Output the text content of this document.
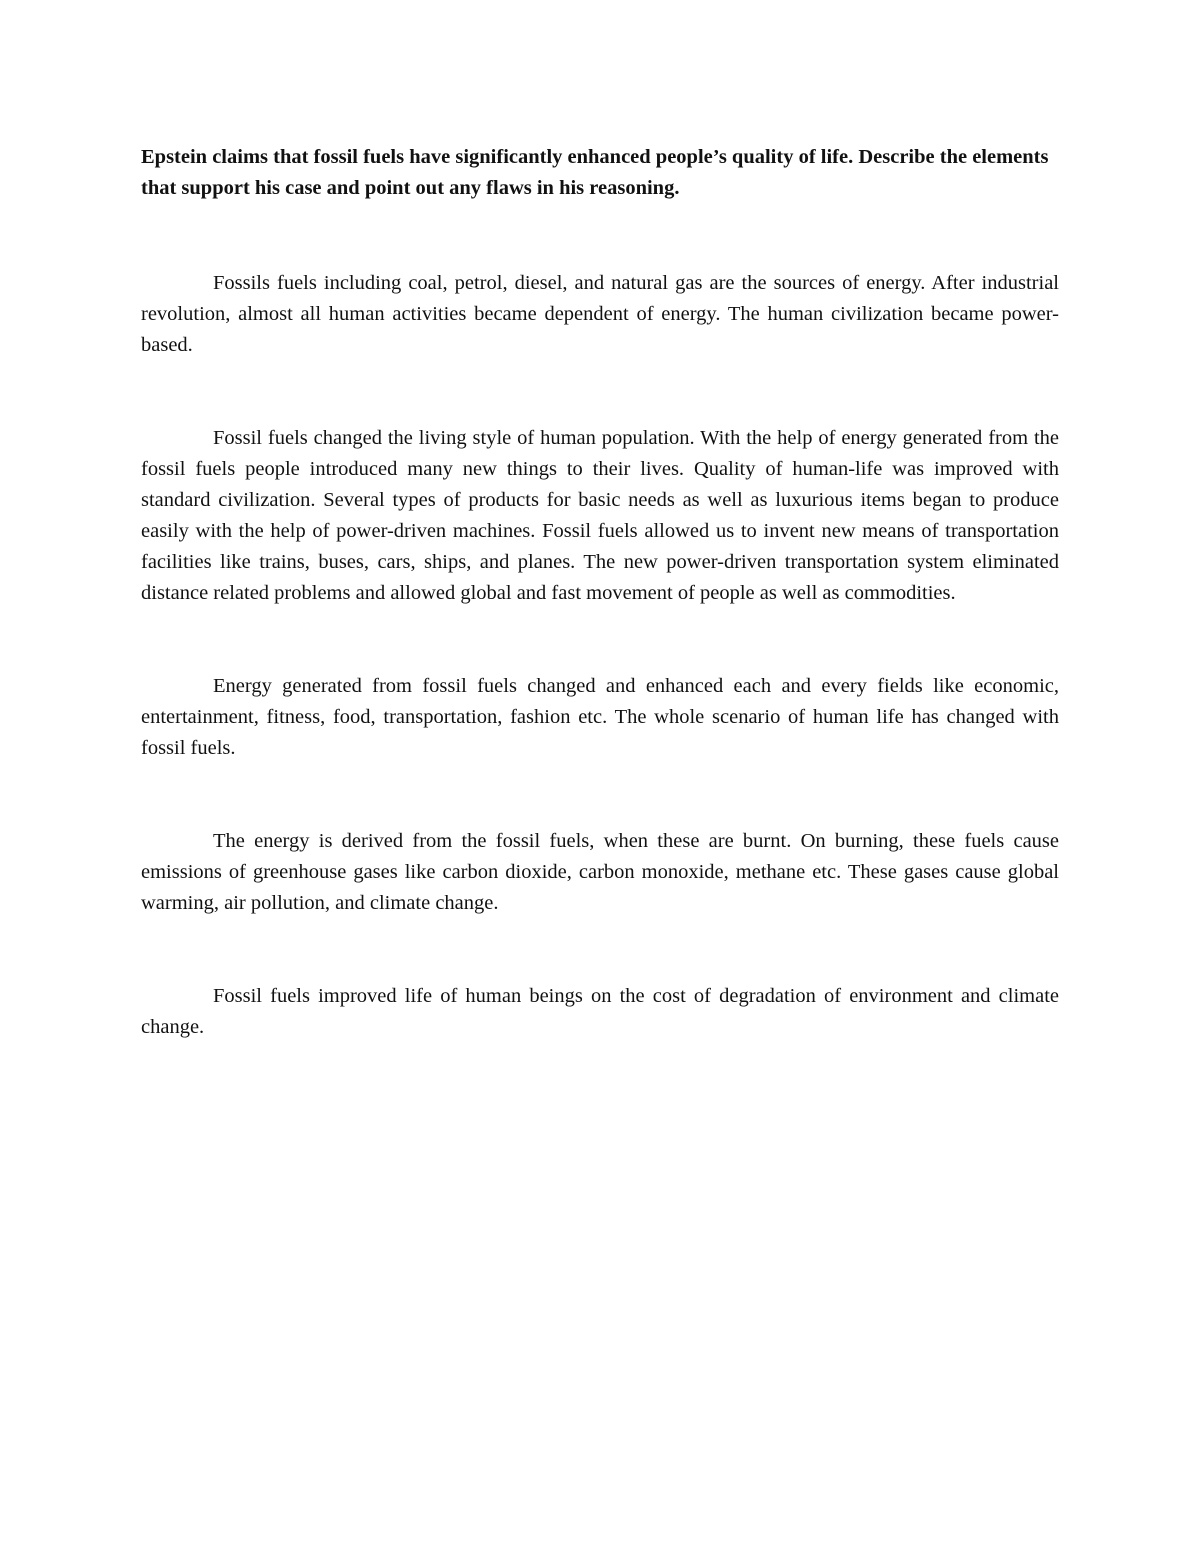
Epstein claims that fossil fuels have significantly enhanced people’s quality of life. Describe the elements that support his case and point out any flaws in his reasoning.

Fossils fuels including coal, petrol, diesel, and natural gas are the sources of energy. After industrial revolution, almost all human activities became dependent of energy. The human civilization became power-based.

Fossil fuels changed the living style of human population. With the help of energy generated from the fossil fuels people introduced many new things to their lives. Quality of human-life was improved with standard civilization. Several types of products for basic needs as well as luxurious items began to produce easily with the help of power-driven machines. Fossil fuels allowed us to invent new means of transportation facilities like trains, buses, cars, ships, and planes. The new power-driven transportation system eliminated distance related problems and allowed global and fast movement of people as well as commodities.

Energy generated from fossil fuels changed and enhanced each and every fields like economic, entertainment, fitness, food, transportation, fashion etc. The whole scenario of human life has changed with fossil fuels.

The energy is derived from the fossil fuels, when these are burnt. On burning, these fuels cause emissions of greenhouse gases like carbon dioxide, carbon monoxide, methane etc. These gases cause global warming, air pollution, and climate change.

Fossil fuels improved life of human beings on the cost of degradation of environment and climate change.
